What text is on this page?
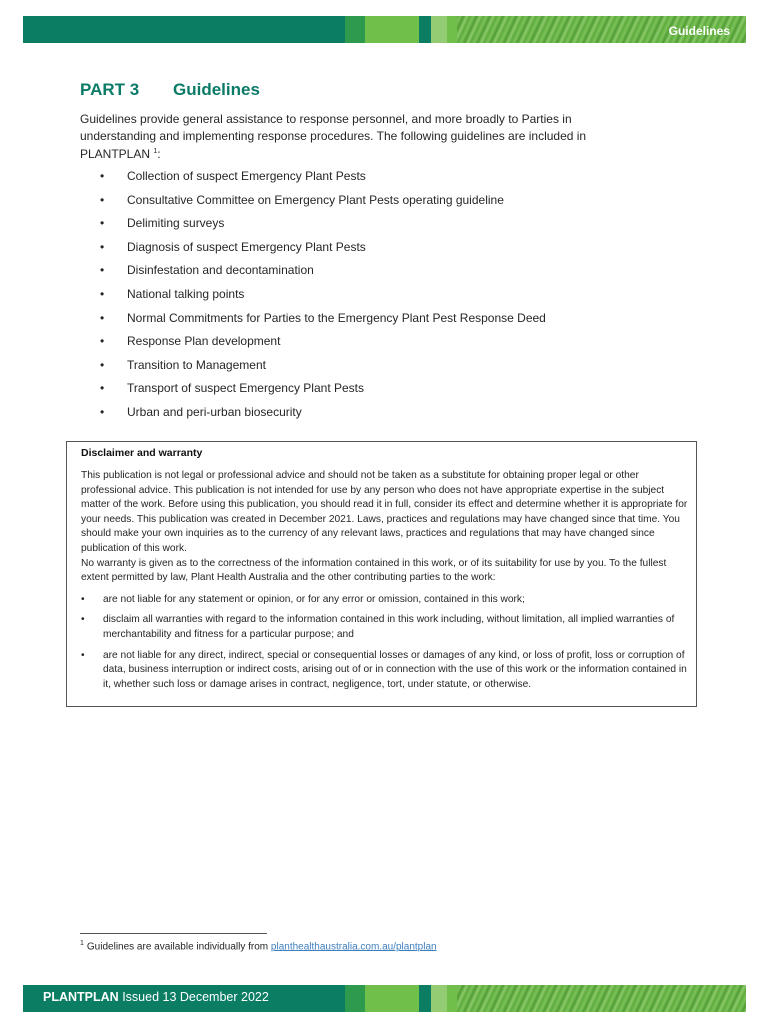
Guidelines
PART 3 Guidelines

Guidelines provide general assistance to response personnel, and more broadly to Parties in understanding and implementing response procedures. The following guidelines are included in PLANTPLAN $^1$:

• Collection of suspect Emergency Plant Pests
• Consultative Committee on Emergency Plant Pests operating guideline
• Delimiting surveys
• Diagnosis of suspect Emergency Plant Pests
• Disinfestation and decontamination
• National talking points
• Normal Commitments for Parties to the Emergency Plant Pest Response Deed
• Response Plan development
• Transition to Management
• Transport of suspect Emergency Plant Pests
• Urban and peri-urban biosecurity
Disclaimer and warranty

This publication is not legal or professional advice and should not be taken as a substitute for obtaining proper legal or other professional advice. This publication is not intended for use by any person who does not have appropriate expertise in the subject matter of the work. Before using this publication, you should read it in full, consider its effect and determine whether it is appropriate for your needs. This publication was created in December 2021. Laws, practices and regulations may have changed since that time. You should make your own inquiries as to the currency of any relevant laws, practices and regulations that may have changed since publication of this work.

No warranty is given as to the correctness of the information contained in this work, or of its suitability for use by you. To the fullest extent permitted by law, Plant Health Australia and the other contributing parties to the work:

• are not liable for any statement or opinion, or for any error or omission, contained in this work;
• disclaim all warranties with regard to the information contained in this work including, without limitation, all implied warranties of merchantability and fitness for a particular purpose; and
• are not liable for any direct, indirect, special or consequential losses or damages of any kind, or loss of profit, loss or corruption of data, business interruption or indirect costs, arising out of or in connection with the use of this work or the information contained in it, whether such loss or damage arises in contract, negligence, tort, under statute, or otherwise.
$^1$ Guidelines are available individually from planthealthaustralia.com.au/plantplan
PLANTPLAN Issued 13 December 2022
